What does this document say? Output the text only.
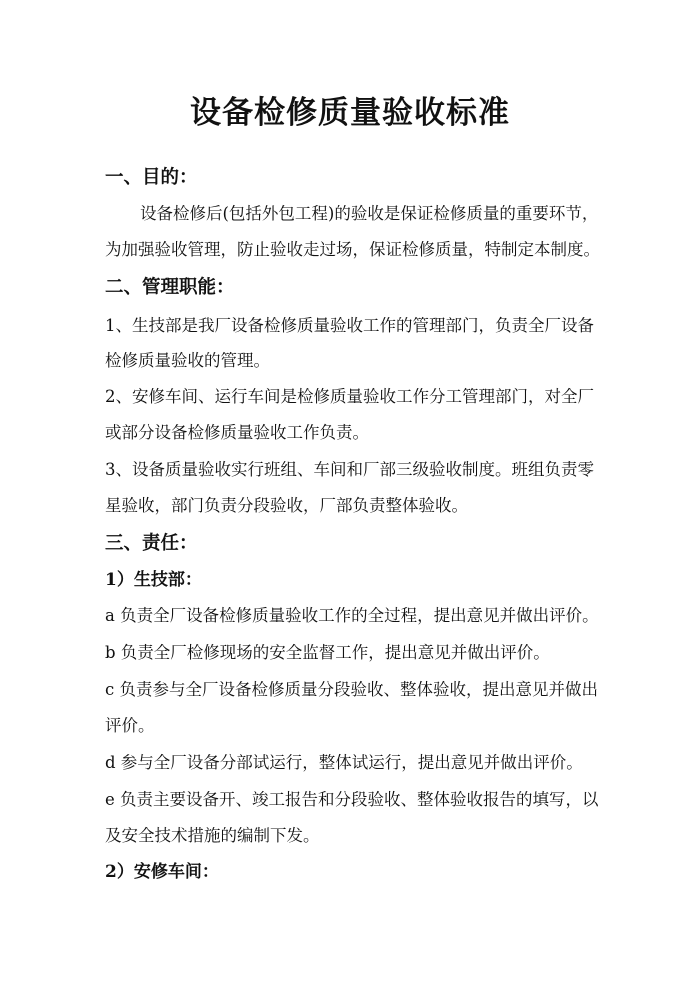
设备检修质量验收标准
一、目的：
设备检修后(包括外包工程)的验收是保证检修质量的重要环节，
为加强验收管理，防止验收走过场，保证检修质量，特制定本制度。
二、管理职能：
1、生技部是我厂设备检修质量验收工作的管理部门，负责全厂设备
检修质量验收的管理。
2、安修车间、运行车间是检修质量验收工作分工管理部门，对全厂
或部分设备检修质量验收工作负责。
3、设备质量验收实行班组、车间和厂部三级验收制度。班组负责零
星验收，部门负责分段验收，厂部负责整体验收。
三、责任：
1）生技部：
a 负责全厂设备检修质量验收工作的全过程，提出意见并做出评价。
b 负责全厂检修现场的安全监督工作，提出意见并做出评价。
c 负责参与全厂设备检修质量分段验收、整体验收，提出意见并做出
评价。
d 参与全厂设备分部试运行，整体试运行，提出意见并做出评价。
e 负责主要设备开、竣工报告和分段验收、整体验收报告的填写，以
及安全技术措施的编制下发。
2）安修车间：
